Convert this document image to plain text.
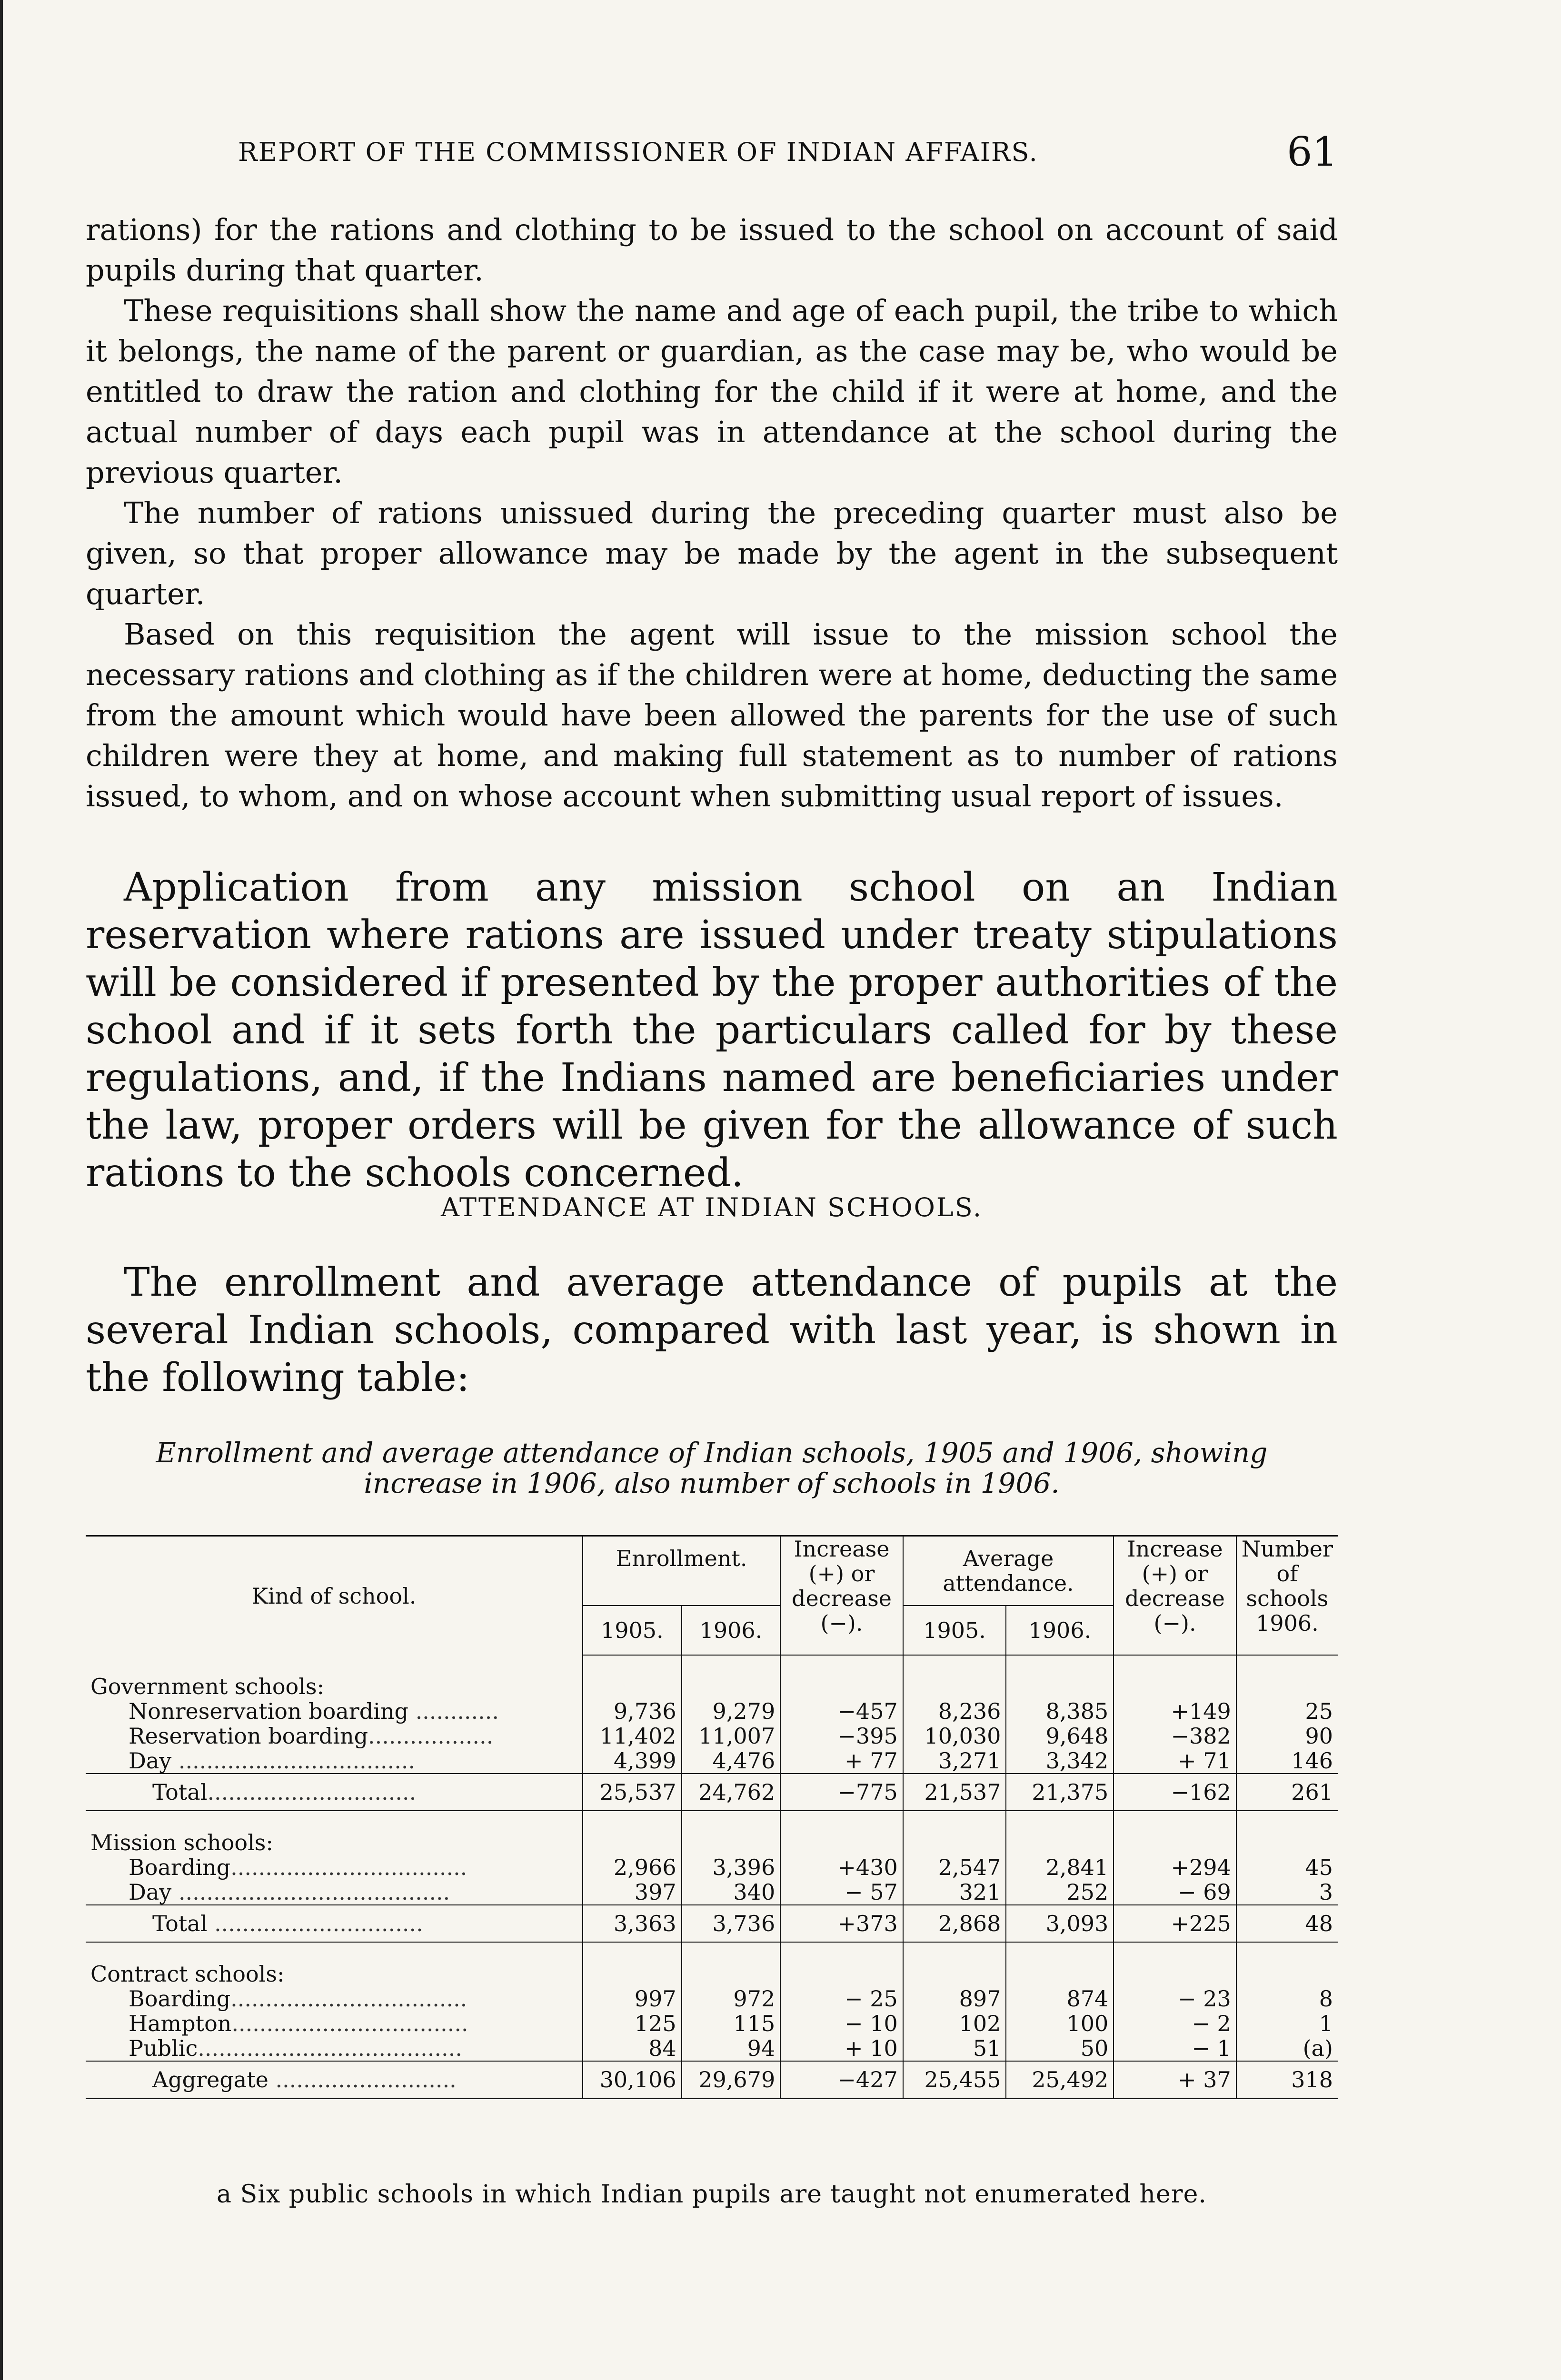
REPORT OF THE COMMISSIONER OF INDIAN AFFAIRS.	61

rations) for the rations and clothing to be issued to the school on account of said pupils during that quarter.

These requisitions shall show the name and age of each pupil, the tribe to which it belongs, the name of the parent or guardian, as the case may be, who would be entitled to draw the ration and clothing for the child if it were at home, and the actual number of days each pupil was in attendance at the school during the previous quarter.

The number of rations unissued during the preceding quarter must also be given, so that proper allowance may be made by the agent in the subsequent quarter.

Based on this requisition the agent will issue to the mission school the necessary rations and clothing as if the children were at home, deducting the same from the amount which would have been allowed the parents for the use of such children were they at home, and making full statement as to number of rations issued, to whom, and on whose account when submitting usual report of issues.

Application from any mission school on an Indian reservation where rations are issued under treaty stipulations will be considered if presented by the proper authorities of the school and if it sets forth the particulars called for by these regulations, and, if the Indians named are beneficiaries under the law, proper orders will be given for the allowance of such rations to the schools concerned.

ATTENDANCE AT INDIAN SCHOOLS.

The enrollment and average attendance of pupils at the several Indian schools, compared with last year, is shown in the following table:

Enrollment and average attendance of Indian schools, 1905 and 1906, showing

increase in 1906, also number of schools in 1906.

Kind of school.	Enrollment.		Increase (+) or decrease (−).	Average attendance.		Increase (+) or decrease (−).	Number of schools 1906.
	1905.	1906.		1905.	1906.		
Government schools:							
Nonreservation boarding ............	9,736	9,279	−457	8,236	8,385	+149	25
Reservation boarding..................	11,402	11,007	−395	10,030	9,648	−382	90
Day ..................................	4,399	4,476	+ 77	3,271	3,342	+ 71	146
Total..............................	25,537	24,762	−775	21,537	21,375	−162	261
Mission schools:							
Boarding..................................	2,966	3,396	+430	2,547	2,841	+294	45
Day .......................................	397	340	− 57	321	252	− 69	3
Total ..............................	3,363	3,736	+373	2,868	3,093	+225	48
Contract schools:							
Boarding..................................	997	972	− 25	897	874	− 23	8
Hampton..................................	125	115	− 10	102	100	− 2	1
Public......................................	84	94	+ 10	51	50	− 1	(a)
Aggregate ..........................	30,106	29,679	−427	25,455	25,492	+ 37	318

a Six public schools in which Indian pupils are taught not enumerated here.
